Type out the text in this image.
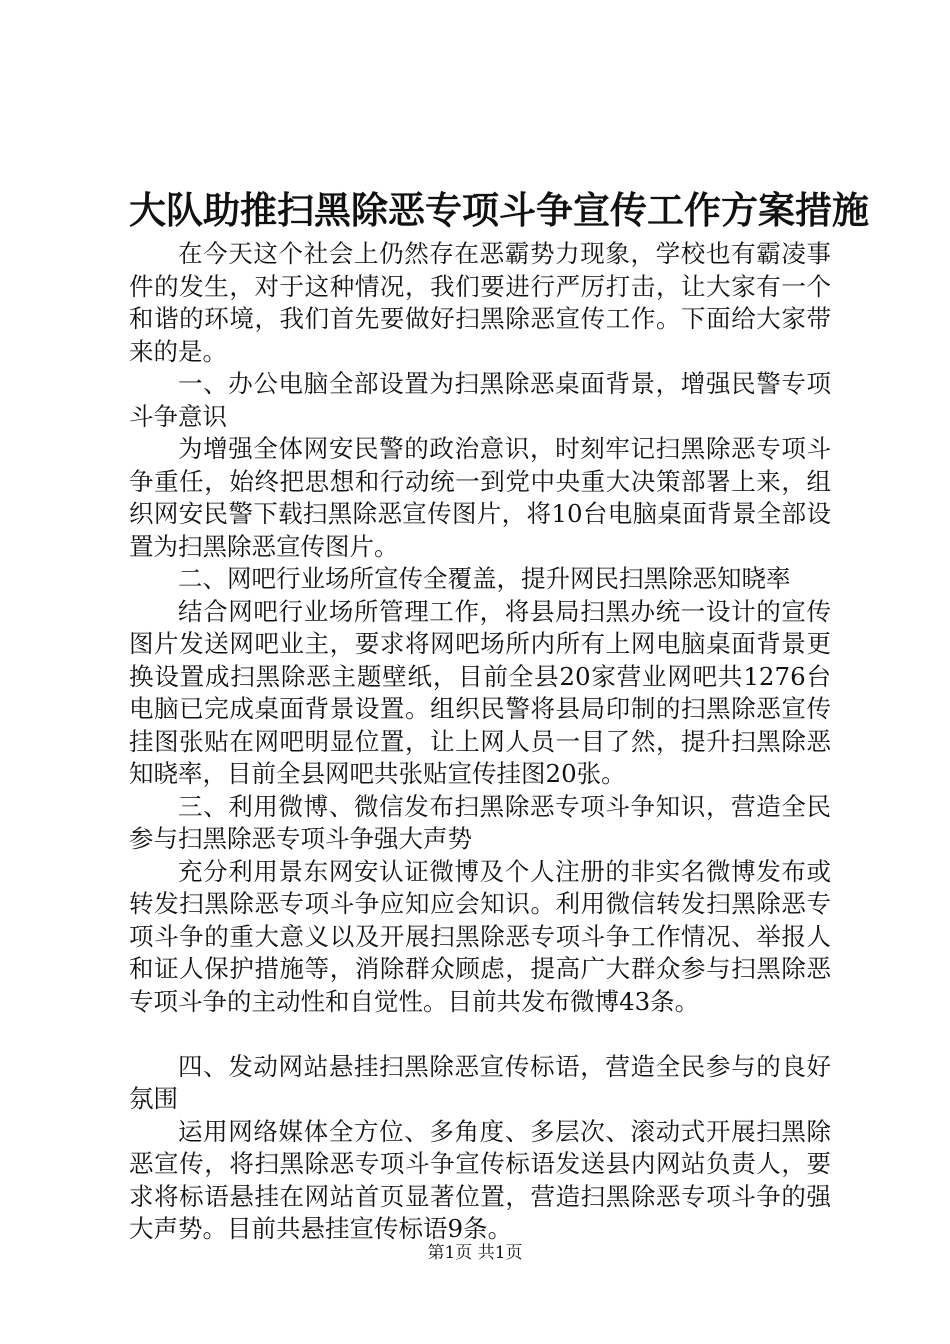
大队助推扫黑除恶专项斗争宣传工作方案措施

在今天这个社会上仍然存在恶霸势力现象，学校也有霸凌事件的发生，对于这种情况，我们要进行严厉打击，让大家有一个和谐的环境，我们首先要做好扫黑除恶宣传工作。下面给大家带来的是。

一、办公电脑全部设置为扫黑除恶桌面背景，增强民警专项斗争意识

为增强全体网安民警的政治意识，时刻牢记扫黑除恶专项斗争重任，始终把思想和行动统一到党中央重大决策部署上来，组织网安民警下载扫黑除恶宣传图片，将10台电脑桌面背景全部设置为扫黑除恶宣传图片。

二、网吧行业场所宣传全覆盖，提升网民扫黑除恶知晓率

结合网吧行业场所管理工作，将县局扫黑办统一设计的宣传图片发送网吧业主，要求将网吧场所内所有上网电脑桌面背景更换设置成扫黑除恶主题壁纸，目前全县20家营业网吧共1276台电脑已完成桌面背景设置。组织民警将县局印制的扫黑除恶宣传挂图张贴在网吧明显位置，让上网人员一目了然，提升扫黑除恶知晓率，目前全县网吧共张贴宣传挂图20张。

三、利用微博、微信发布扫黑除恶专项斗争知识，营造全民参与扫黑除恶专项斗争强大声势

充分利用景东网安认证微博及个人注册的非实名微博发布或转发扫黑除恶专项斗争应知应会知识。利用微信转发扫黑除恶专项斗争的重大意义以及开展扫黑除恶专项斗争工作情况、举报人和证人保护措施等，消除群众顾虑，提高广大群众参与扫黑除恶专项斗争的主动性和自觉性。目前共发布微博43条。

四、发动网站悬挂扫黑除恶宣传标语，营造全民参与的良好氛围

运用网络媒体全方位、多角度、多层次、滚动式开展扫黑除恶宣传，将扫黑除恶专项斗争宣传标语发送县内网站负责人，要求将标语悬挂在网站首页显著位置，营造扫黑除恶专项斗争的强大声势。目前共悬挂宣传标语9条。

第1页 共1页
